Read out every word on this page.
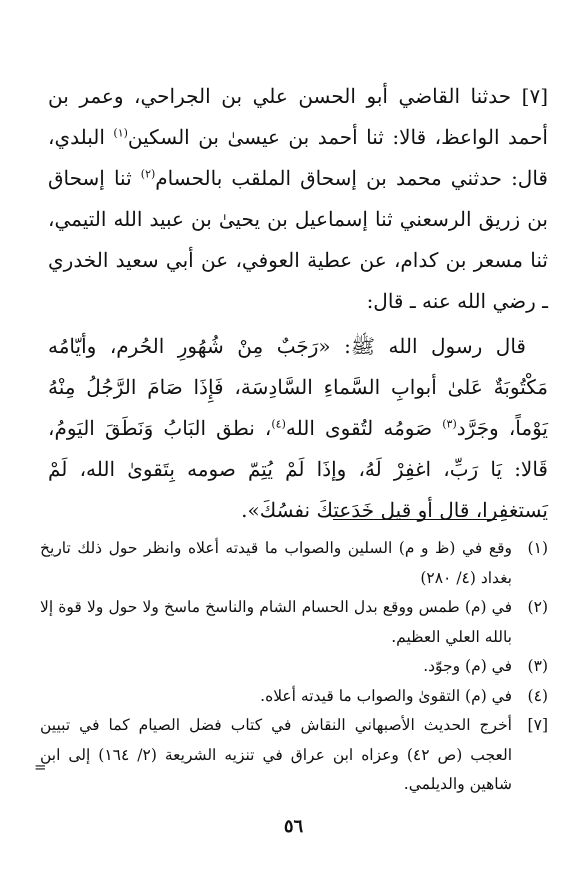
[٧] حدثنا القاضي أبو الحسن علي بن الجراحي، وعمر بن أحمد الواعظ، قالا: ثنا أحمد بن عيسىٰ بن السكين$^{(١)}$ البلدي، قال: حدثني محمد بن إسحاق الملقب بالحسام$^{(٢)}$ ثنا إسحاق بن زريق الرسعني ثنا إسماعيل بن يحيىٰ بن عبيد الله التيمي، ثنا مسعر بن كدام، عن عطية العوفي، عن أبي سعيد الخدري ـ رضي الله عنه ـ قال:

قال رسول الله ﷺ: «رَجَبٌ مِنْ شُهُورِ الحُرم، وأيّامُه مَكْتُوبَةٌ عَلىٰ أبوابِ السَّماءِ السَّادِسَة، فَإِذَا صَامَ الرَّجُلُ مِنْهُ يَوْماً، وجَرَّد$^{(٣)}$ صَومُه لتُقوى الله$^{(٤)}$، نطق البَابُ وَنَطَقَ اليَومُ، قَالا: يَا رَبِّ، اغفِرْ لَهُ، وإذَا لَمْ يُتِمّ صومه بِتَقوىٰ الله، لَمْ يَستغفِرا، قال أو قيل خَدَعتكَ نفسُكَ».

(١)
وقع في (ظ و م) السلين والصواب ما قيدته أعلاه وانظر حول ذلك تاريخ بغداد (٤/ ٢٨٠)
(٢)
في (م) طمس ووقع بدل الحسام الشام والناسخ ماسخ ولا حول ولا قوة إلا بالله العلي العظيم.
(٣)
في (م) وجوّد.
(٤)
في (م) التقوىٰ والصواب ما قيدته أعلاه.
[٧]
أخرج الحديث الأصبهاني النقاش في كتاب فضل الصيام كما في تبيين العجب (ص ٤٢) وعزاه ابن عراق في تنزيه الشريعة (٢/ ١٦٤) إلى ابن شاهين والديلمي.
=
٥٦
